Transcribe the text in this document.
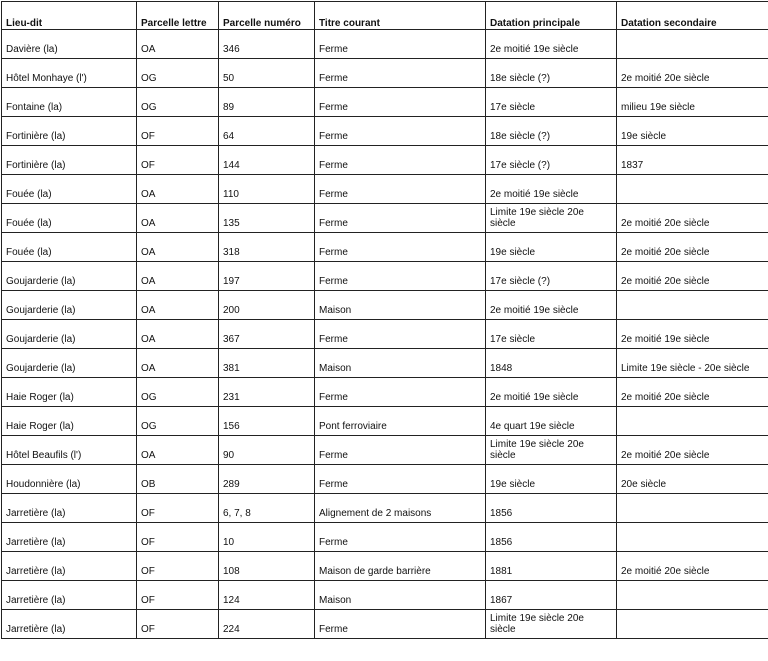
Lieu-dit	Parcelle lettre	Parcelle numéro	Titre courant	Datation principale	Datation secondaire
Davière (la)	OA	346	Ferme	2e moitié 19e siècle	
Hôtel Monhaye (l')	OG	50	Ferme	18e siècle (?)	2e moitié 20e siècle
Fontaine (la)	OG	89	Ferme	17e siècle	milieu 19e siècle
Fortinière (la)	OF	64	Ferme	18e siècle (?)	19e siècle
Fortinière (la)	OF	144	Ferme	17e siècle (?)	1837
Fouée (la)	OA	110	Ferme	2e moitié 19e siècle	
Fouée (la)	OA	135	Ferme	Limite 19e siècle 20e siècle	2e moitié 20e siècle
Fouée (la)	OA	318	Ferme	19e siècle	2e moitié 20e siècle
Goujarderie (la)	OA	197	Ferme	17e siècle (?)	2e moitié 20e siècle
Goujarderie (la)	OA	200	Maison	2e moitié 19e siècle	
Goujarderie (la)	OA	367	Ferme	17e siècle	2e moitié 19e siècle
Goujarderie (la)	OA	381	Maison	1848	Limite 19e siècle - 20e siècle
Haie Roger (la)	OG	231	Ferme	2e moitié 19e siècle	2e moitié 20e siècle
Haie Roger (la)	OG	156	Pont ferroviaire	4e quart 19e siècle	
Hôtel Beaufils (l')	OA	90	Ferme	Limite 19e siècle 20e siècle	2e moitié 20e siècle
Houdonnière (la)	OB	289	Ferme	19e siècle	20e siècle
Jarretière (la)	OF	6, 7, 8	Alignement de 2 maisons	1856	
Jarretière (la)	OF	10	Ferme	1856	
Jarretière (la)	OF	108	Maison de garde barrière	1881	2e moitié 20e siècle
Jarretière (la)	OF	124	Maison	1867	
Jarretière (la)	OF	224	Ferme	Limite 19e siècle 20e siècle	
